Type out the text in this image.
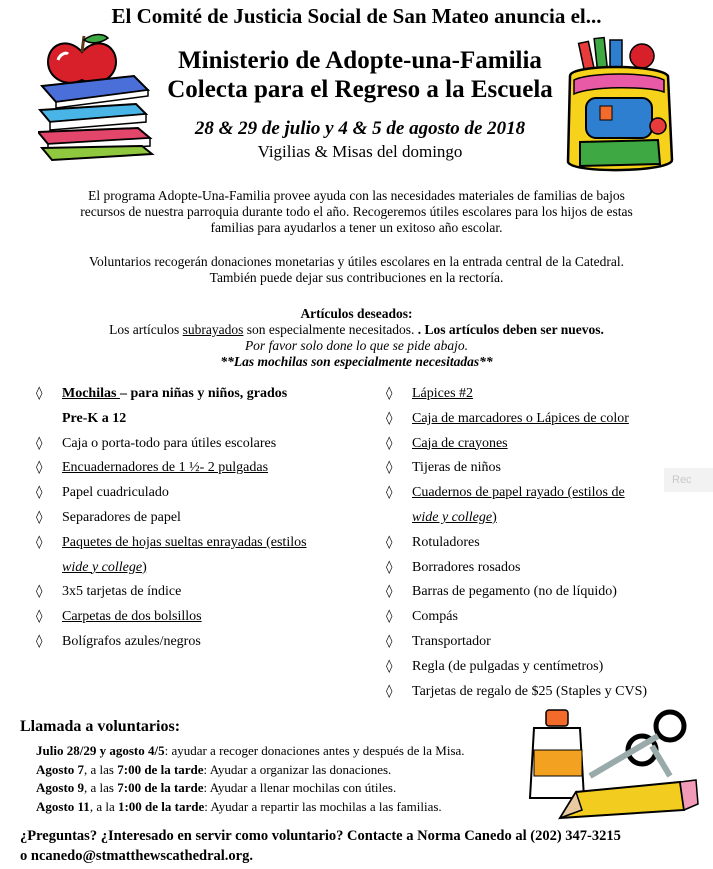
El Comité de Justicia Social de San Mateo anuncia el...
Ministerio de Adopte-una-Familia
Colecta para el Regreso a la Escuela
28 & 29 de julio y 4 & 5 de agosto de 2018
Vigilias & Misas del domingo
El programa Adopte-Una-Familia provee ayuda con las necesidades materiales de familias de bajos
recursos de nuestra parroquia durante todo el año. Recogeremos útiles escolares para los hijos de estas
familias para ayudarlos a tener un exitoso año escolar.
Voluntarios recogerán donaciones monetarias y útiles escolares en la entrada central de la Catedral.
También puede dejar sus contribuciones en la rectoría.
Artículos deseados:
Los artículos subrayados son especialmente necesitados. . Los artículos deben ser nuevos.
Por favor solo done lo que se pide abajo.
**Las mochilas son especialmente necesitadas**
◊ Mochilas – para niñas y niños, grados
Pre-K a 12
◊ Caja o porta-todo para útiles escolares
◊ Encuadernadores de 1 ½- 2 pulgadas
◊ Papel cuadriculado
◊ Separadores de papel
◊ Paquetes de hojas sueltas enrayadas (estilos
wide y college)
◊ 3x5 tarjetas de índice
◊ Carpetas de dos bolsillos
◊ Bolígrafos azules/negros
◊ Lápices #2
◊ Caja de marcadores o Lápices de color
◊ Caja de crayones
◊ Tijeras de niños
◊ Cuadernos de papel rayado (estilos de
wide y college)
◊ Rotuladores
◊ Borradores rosados
◊ Barras de pegamento (no de líquido)
◊ Compás
◊ Transportador
◊ Regla (de pulgadas y centímetros)
◊ Tarjetas de regalo de $25 (Staples y CVS)
Rec
Llamada a voluntarios:
Julio 28/29 y agosto 4/5: ayudar a recoger donaciones antes y después de la Misa.
Agosto 7, a las 7:00 de la tarde: Ayudar a organizar las donaciones.
Agosto 9, a las 7:00 de la tarde: Ayudar a llenar mochilas con útiles.
Agosto 11, a la 1:00 de la tarde: Ayudar a repartir las mochilas a las familias.
¿Preguntas? ¿Interesado en servir como voluntario? Contacte a Norma Canedo al (202) 347-3215
o ncanedo@stmatthewscathedral.org.
